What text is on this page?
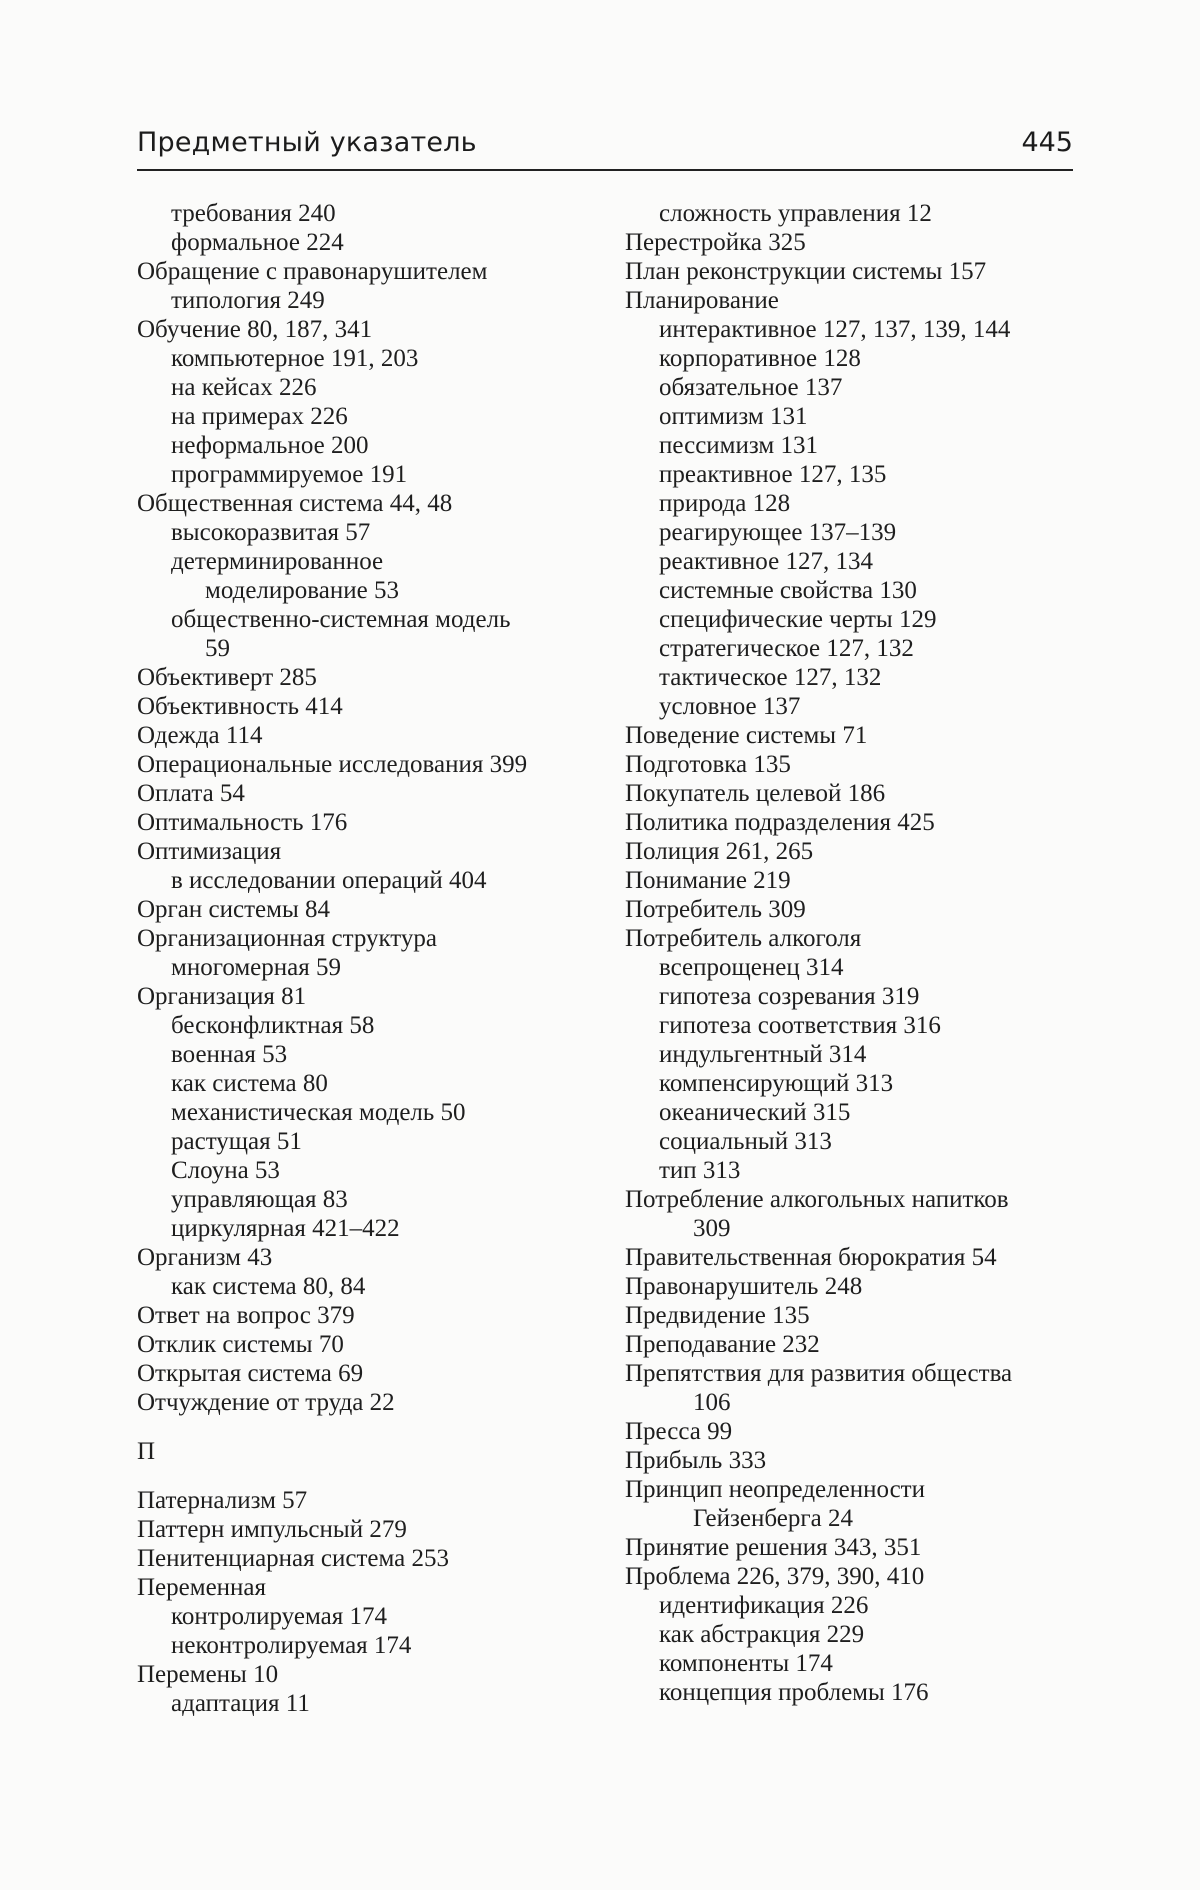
Предметный указатель	445
требования 240
формальное 224
Обращение с правонарушителем
типология 249
Обучение 80, 187, 341
компьютерное 191, 203
на кейсах 226
на примерах 226
неформальное 200
программируемое 191
Общественная система 44, 48
высокоразвитая 57
детерминированное
моделирование 53
общественно-системная модель
59
Объективерт 285
Объективность 414
Одежда 114
Операциональные исследования 399
Оплата 54
Оптимальность 176
Оптимизация
в исследовании операций 404
Орган системы 84
Организационная структура
многомерная 59
Организация 81
бесконфликтная 58
военная 53
как система 80
механистическая модель 50
растущая 51
Слоуна 53
управляющая 83
циркулярная 421–422
Организм 43
как система 80, 84
Ответ на вопрос 379
Отклик системы 70
Открытая система 69
Отчуждение от труда 22
П
Патернализм 57
Паттерн импульсный 279
Пенитенциарная система 253
Переменная
контролируемая 174
неконтролируемая 174
Перемены 10
адаптация 11
сложность управления 12
Перестройка 325
План реконструкции системы 157
Планирование
интерактивное 127, 137, 139, 144
корпоративное 128
обязательное 137
оптимизм 131
пессимизм 131
преактивное 127, 135
природа 128
реагирующее 137–139
реактивное 127, 134
системные свойства 130
специфические черты 129
стратегическое 127, 132
тактическое 127, 132
условное 137
Поведение системы 71
Подготовка 135
Покупатель целевой 186
Политика подразделения 425
Полиция 261, 265
Понимание 219
Потребитель 309
Потребитель алкоголя
всепрощенец 314
гипотеза созревания 319
гипотеза соответствия 316
индульгентный 314
компенсирующий 313
океанический 315
социальный 313
тип 313
Потребление алкогольных напитков
309
Правительственная бюрократия 54
Правонарушитель 248
Предвидение 135
Преподавание 232
Препятствия для развития общества
106
Пресса 99
Прибыль 333
Принцип неопределенности
Гейзенберга 24
Принятие решения 343, 351
Проблема 226, 379, 390, 410
идентификация 226
как абстракция 229
компоненты 174
концепция проблемы 176
